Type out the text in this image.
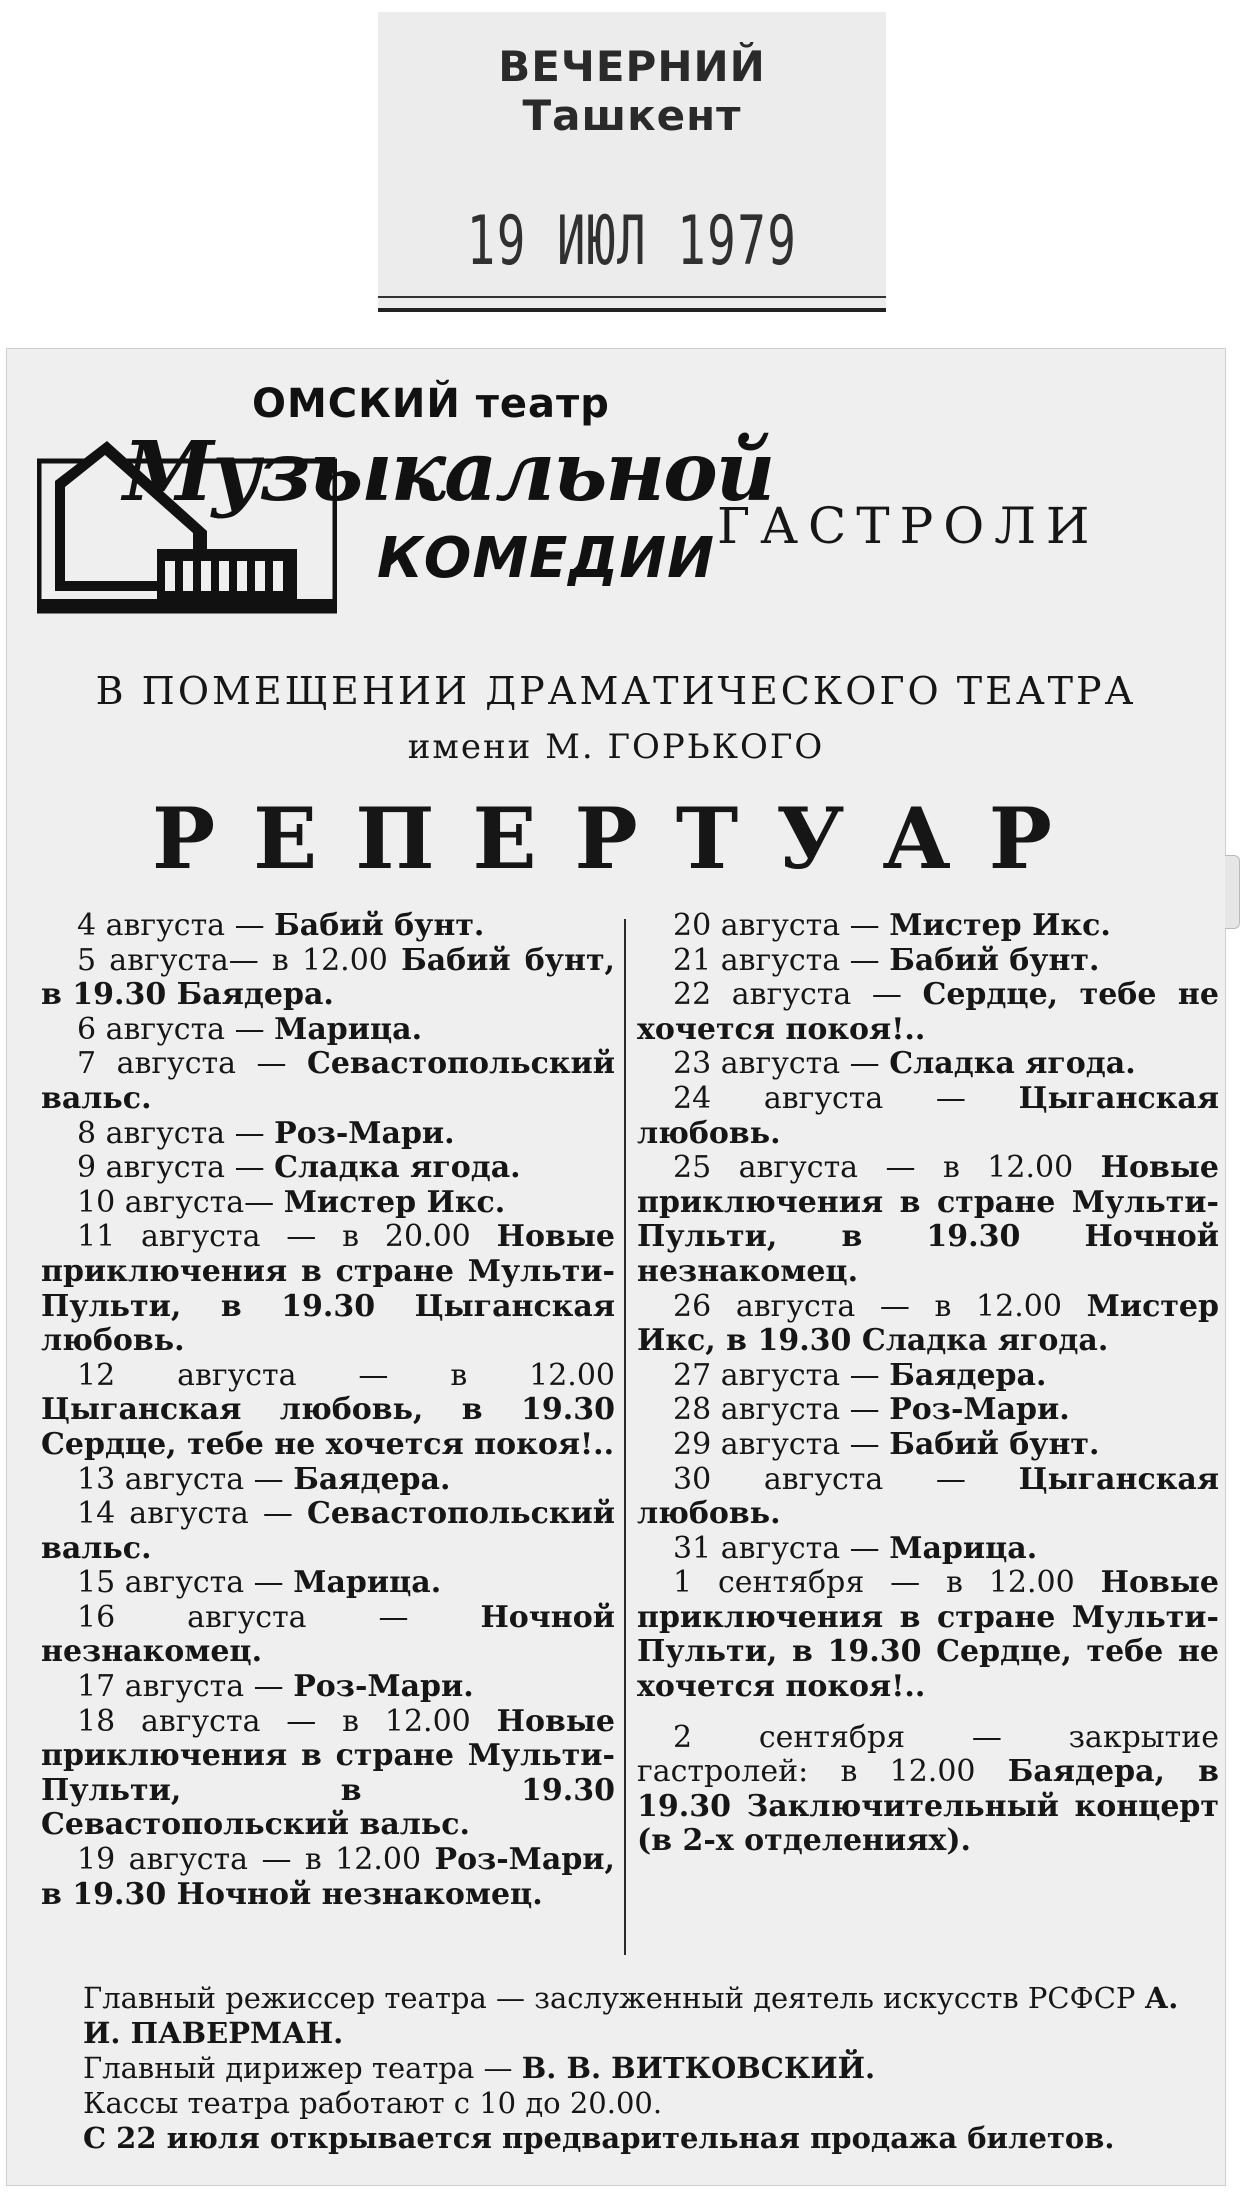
ВЕЧЕРНИЙ Ташкент
19 ИЮЛ 1979
ОМСКИЙ театр
Музыкальной
КОМЕДИИ ГАСТРОЛИ
В ПОМЕЩЕНИИ ДРАМАТИЧЕСКОГО ТЕАТРА
имени М. ГОРЬКОГО
РЕПЕРТУАР

4 августа — Бабий бунт.

5 августа— в 12.00 Бабий бунт, в 19.30 Баядера.

6 августа — Марица.

7 августа — Севастопольский вальс.

8 августа — Роз-Мари.

9 августа — Сладка ягода.

10 августа— Мистер Икс.

11 августа — в 20.00 Новые приключения в стране Мульти-Пульти, в 19.30 Цыганская любовь.

12 августа — в 12.00 Цыганская любовь, в 19.30 Сердце, тебе не хочется покоя!..

13 августа — Баядера.

14 августа — Севастопольский вальс.

15 августа — Марица.

16 августа — Ночной незнакомец.

17 августа — Роз-Мари.

18 августа — в 12.00 Новые приключения в стране Мульти-Пульти, в 19.30 Севастопольский вальс.

19 августа — в 12.00 Роз-Мари, в 19.30 Ночной незнакомец.

20 августа — Мистер Икс.

21 августа — Бабий бунт.

22 августа — Сердце, тебе не хочется покоя!..

23 августа — Сладка ягода.

24 августа — Цыганская любовь.

25 августа — в 12.00 Новые приключения в стране Мульти-Пульти, в 19.30 Ночной незнакомец.

26 августа — в 12.00 Мистер Икс, в 19.30 Сладка ягода.

27 августа — Баядера.

28 августа — Роз-Мари.

29 августа — Бабий бунт.

30 августа — Цыганская любовь.

31 августа — Марица.

1 сентября — в 12.00 Новые приключения в стране Мульти-Пульти, в 19.30 Сердце, тебе не хочется покоя!..

2 сентября — закрытие гастролей: в 12.00 Баядера, в 19.30 Заключительный концерт (в 2-х отделениях).

Главный режиссер театра — заслуженный деятель искусств РСФСР А. И. ПАВЕРМАН.

Главный дирижер театра — В. В. ВИТКОВСКИЙ.

Кассы театра работают с 10 до 20.00.

С 22 июля открывается предварительная продажа билетов.
